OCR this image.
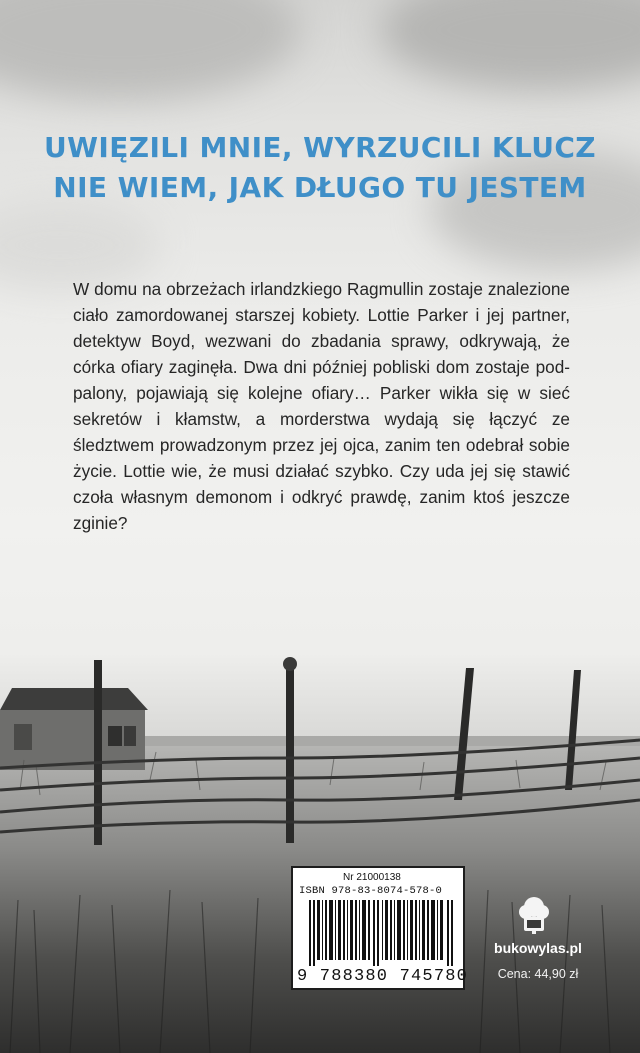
UWIĘZILI MNIE, WYRZUCILI KLUCZ
NIE WIEM, JAK DŁUGO TU JESTEM
W domu na obrzeżach irlandzkiego Ragmullin zostaje znalezione ciało zamordowanej starszej kobiety. Lottie Parker i jej partner, detektyw Boyd, wezwani do zbadania sprawy, odkrywają, że córka ofiary zaginęła. Dwa dni później pobliski dom zostaje podpalony, pojawiają się kolejne ofiary… Parker wikła się w sieć sekretów i kłamstw, a morderstwa wydają się łączyć ze śledztwem prowadzonym przez jej ojca, zanim ten odebrał sobie życie. Lottie wie, że musi działać szybko. Czy uda jej się stawić czoła własnym demonom i odkryć prawdę, zanim ktoś jeszcze zginie?
Nr 21000138
ISBN 978-83-8074-578-0
9 788380 745780
bukowylas.pl
Cena: 44,90 zł
